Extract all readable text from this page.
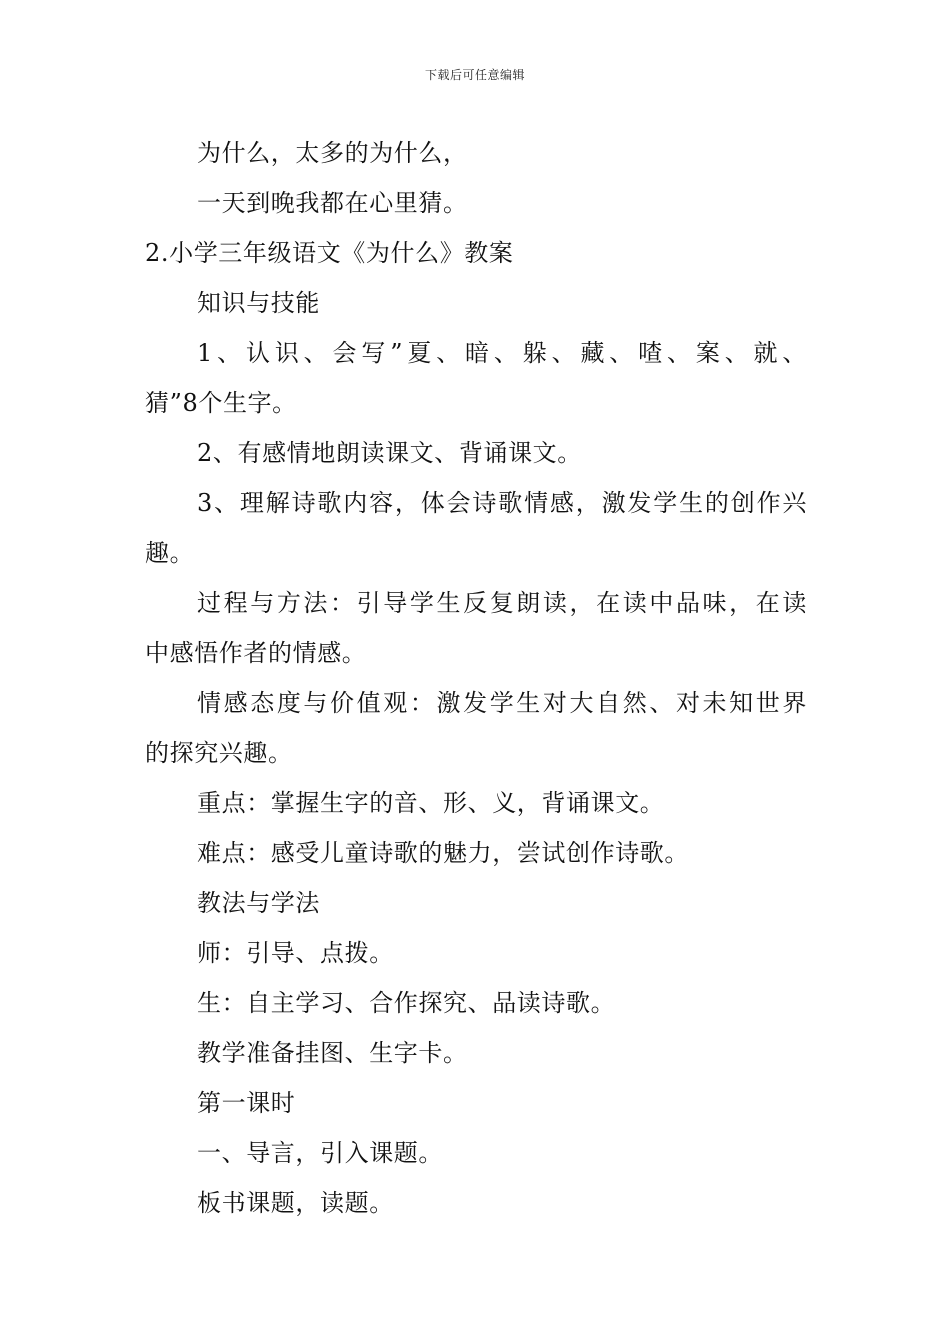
下载后可任意编辑
为什么，太多的为什么，
一天到晚我都在心里猜。
2.小学三年级语文《为什么》教案
知识与技能
1、认识、会写”夏、暗、躲、藏、喳、案、就、
猜”8个生字。
2、有感情地朗读课文、背诵课文。
3、理解诗歌内容，体会诗歌情感，激发学生的创作兴
趣。
过程与方法：引导学生反复朗读，在读中品味，在读
中感悟作者的情感。
情感态度与价值观：激发学生对大自然、对未知世界
的探究兴趣。
重点：掌握生字的音、形、义，背诵课文。
难点：感受儿童诗歌的魅力，尝试创作诗歌。
教法与学法
师：引导、点拨。
生：自主学习、合作探究、品读诗歌。
教学准备挂图、生字卡。
第一课时
一、导言，引入课题。
板书课题，读题。
